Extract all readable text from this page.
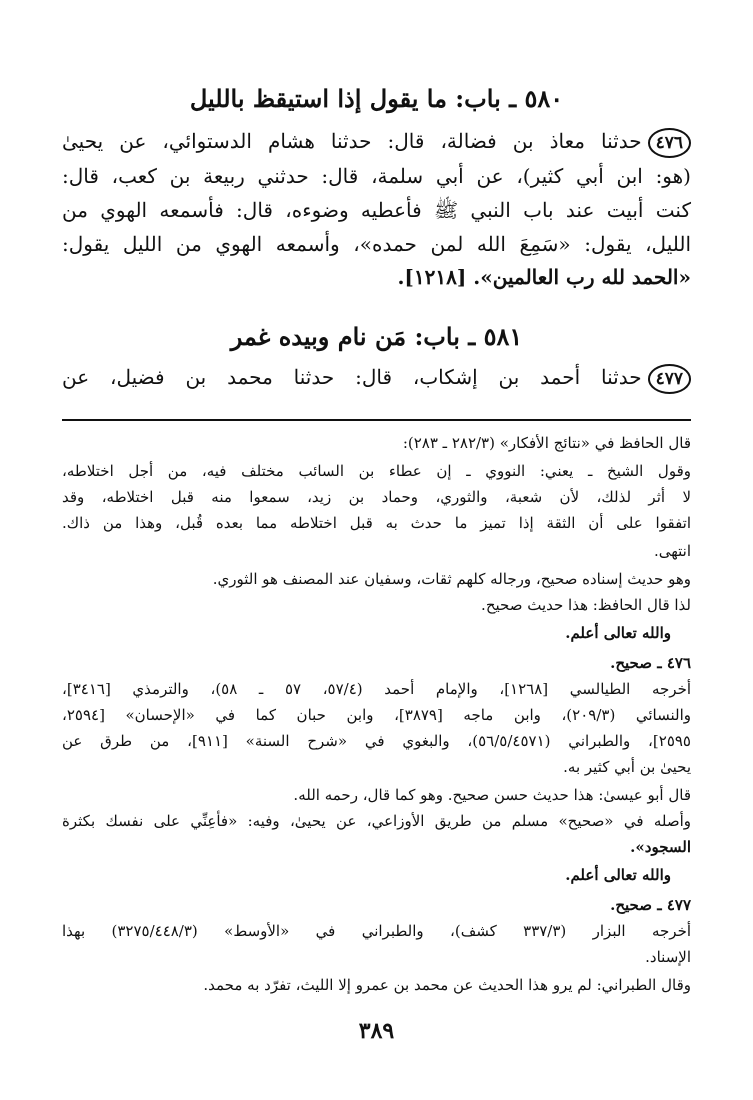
٥٨٠ ـ باب: ما يقول إذا استيقظ بالليل
٤٧٦حدثنا معاذ بن فضالة، قال: حدثنا هشام الدستوائي، عن يحيىٰ
(هو: ابن أبي كثير)، عن أبي سلمة، قال: حدثني ربيعة بن كعب، قال:
كنت أبيت عند باب النبي ﷺ فأعطيه وضوءه، قال: فأسمعه الهوي من
الليل، يقول: «سَمِعَ الله لمن حمده»، وأسمعه الهوي من الليل يقول:
«الحمد لله رب العالمين». [١٢١٨].
٥٨١ ـ باب: مَن نام وبيده غمر
٤٧٧حدثنا أحمد بن إشكاب، قال: حدثنا محمد بن فضيل، عن
قال الحافظ في «نتائج الأفكار» (٢٨٢/٣ ـ ٢٨٣):
وقول الشيخ ـ يعني: النووي ـ إن عطاء بن السائب مختلف فيه، من أجل اختلاطه،
لا أثر لذلك، لأن شعبة، والثوري، وحماد بن زيد، سمعوا منه قبل اختلاطه، وقد
اتفقوا على أن الثقة إذا تميز ما حدث به قبل اختلاطه مما بعده قُبل، وهذا من ذاك.
انتهى.
وهو حديث إسناده صحيح، ورجاله كلهم ثقات، وسفيان عند المصنف هو الثوري.
لذا قال الحافظ: هذا حديث صحيح.
والله تعالى أعلم.
٤٧٦ ـ صحيح.
أخرجه الطيالسي [١٢٦٨]، والإمام أحمد (٥٧/٤، ٥٧ ـ ٥٨)، والترمذي [٣٤١٦]،
والنسائي (٢٠٩/٣)، وابن ماجه [٣٨٧٩]، وابن حبان كما في «الإحسان» [٢٥٩٤،
٢٥٩٥]، والطبراني (٥٦/٥/٤٥٧١)، والبغوي في «شرح السنة» [٩١١]، من طرق عن
يحيىٰ بن أبي كثير به.
قال أبو عيسىٰ: هذا حديث حسن صحيح. وهو كما قال، رحمه الله.
وأصله في «صحيح» مسلم من طريق الأوزاعي، عن يحيىٰ، وفيه: «فأعِنِّي على نفسك بكثرة
السجود».
والله تعالى أعلم.
٤٧٧ ـ صحيح.
أخرجه البزار (٣٣٧/٣ كشف)، والطبراني في «الأوسط» (٣٢٧٥/٤٤٨/٣) بهذا
الإسناد.
وقال الطبراني: لم يرو هذا الحديث عن محمد بن عمرو إلا الليث، تفرّد به محمد.
٣٨٩
